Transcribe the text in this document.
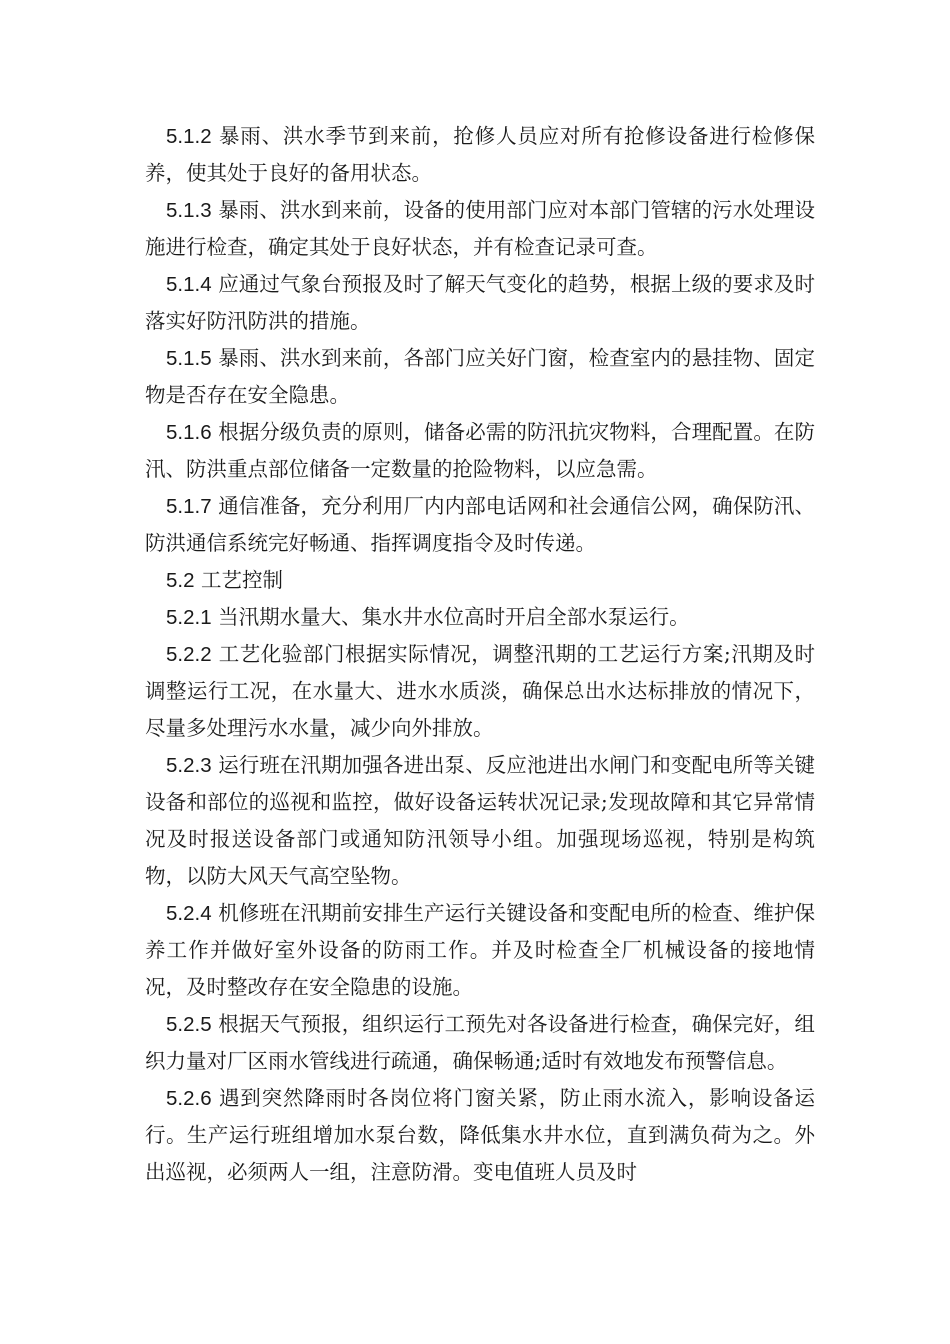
5.1.2 暴雨、洪水季节到来前，抢修人员应对所有抢修设备进行检修保养，使其处于良好的备用状态。

5.1.3 暴雨、洪水到来前，设备的使用部门应对本部门管辖的污水处理设施进行检查，确定其处于良好状态，并有检查记录可查。

5.1.4 应通过气象台预报及时了解天气变化的趋势，根据上级的要求及时落实好防汛防洪的措施。

5.1.5 暴雨、洪水到来前，各部门应关好门窗，检查室内的悬挂物、固定物是否存在安全隐患。

5.1.6 根据分级负责的原则，储备必需的防汛抗灾物料，合理配置。在防汛、防洪重点部位储备一定数量的抢险物料，以应急需。

5.1.7 通信准备，充分利用厂内内部电话网和社会通信公网，确保防汛、防洪通信系统完好畅通、指挥调度指令及时传递。

5.2 工艺控制

5.2.1 当汛期水量大、集水井水位高时开启全部水泵运行。

5.2.2 工艺化验部门根据实际情况，调整汛期的工艺运行方案;汛期及时调整运行工况，在水量大、进水水质淡，确保总出水达标排放的情况下，尽量多处理污水水量，减少向外排放。

5.2.3 运行班在汛期加强各进出泵、反应池进出水闸门和变配电所等关键设备和部位的巡视和监控，做好设备运转状况记录;发现故障和其它异常情况及时报送设备部门或通知防汛领导小组。加强现场巡视，特别是构筑物，以防大风天气高空坠物。

5.2.4 机修班在汛期前安排生产运行关键设备和变配电所的检查、维护保养工作并做好室外设备的防雨工作。并及时检查全厂机械设备的接地情况，及时整改存在安全隐患的设施。

5.2.5 根据天气预报，组织运行工预先对各设备进行检查，确保完好，组织力量对厂区雨水管线进行疏通，确保畅通;适时有效地发布预警信息。

5.2.6 遇到突然降雨时各岗位将门窗关紧，防止雨水流入，影响设备运行。生产运行班组增加水泵台数，降低集水井水位，直到满负荷为之。外出巡视，必须两人一组，注意防滑。变电值班人员及时
